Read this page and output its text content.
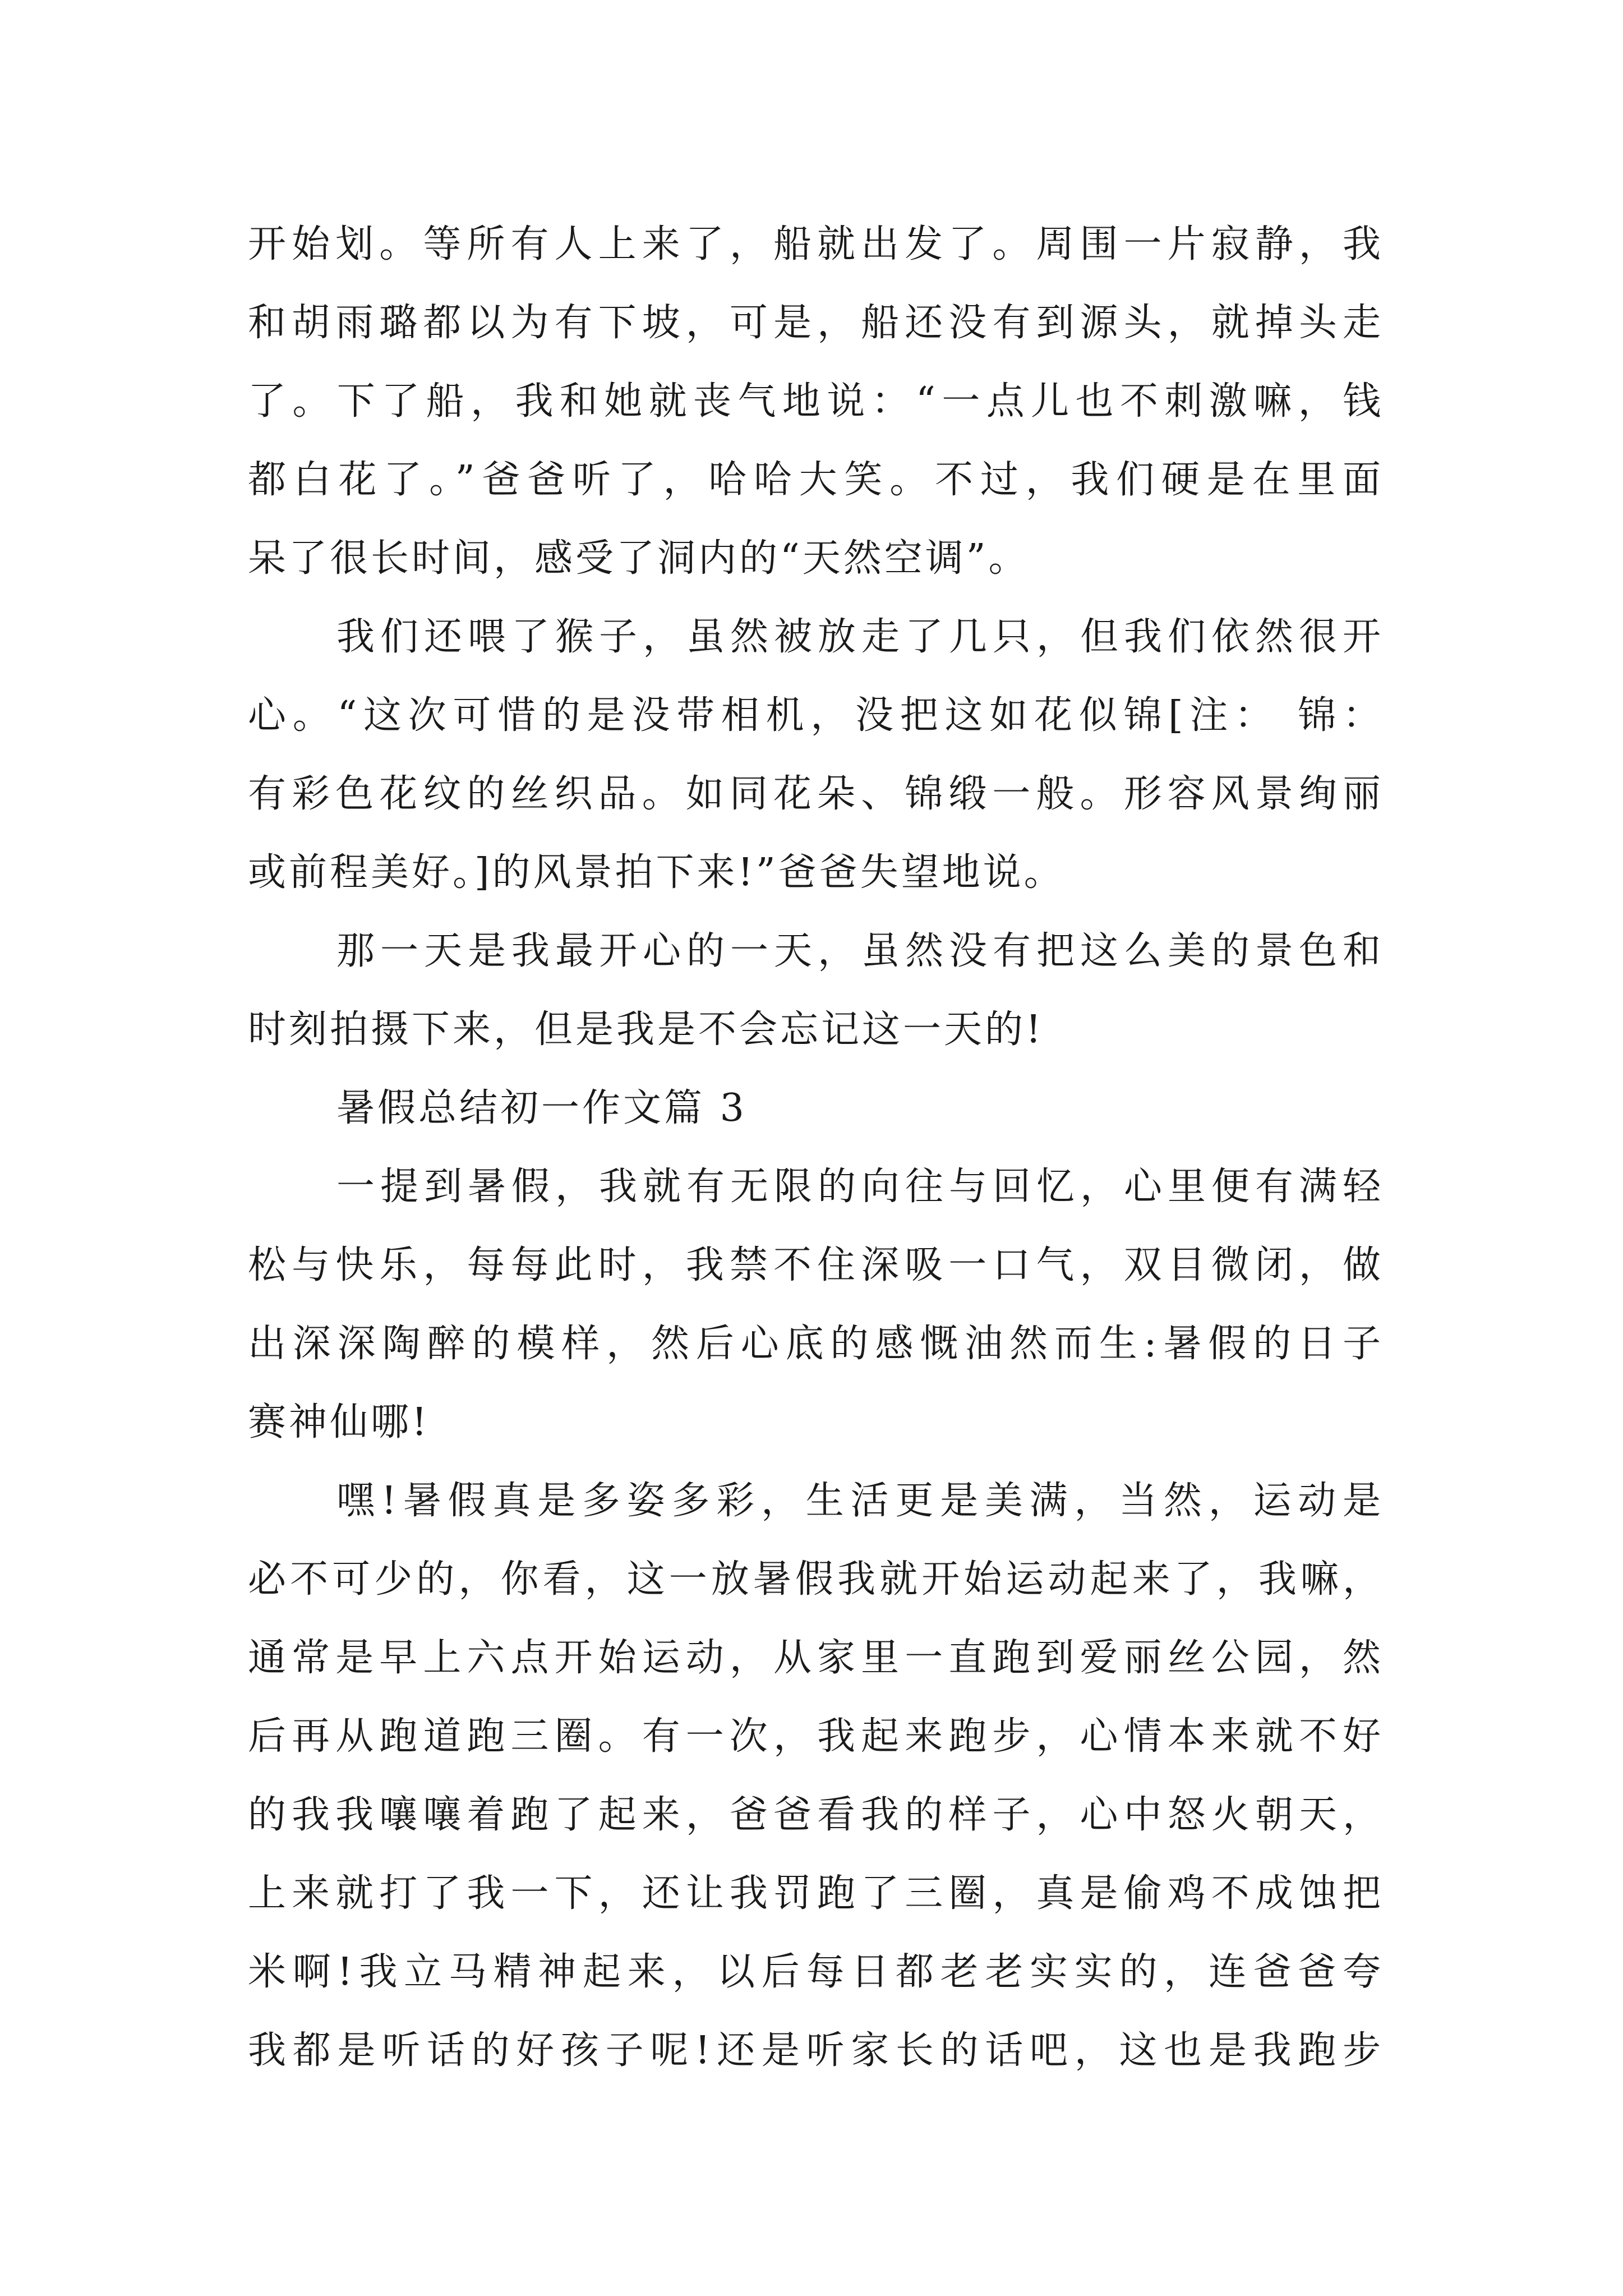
开始划。等所有人上来了，船就出发了。周围一片寂静，我
和胡雨璐都以为有下坡，可是，船还没有到源头，就掉头走
了。下了船，我和她就丧气地说：“一点儿也不刺激嘛，钱
都白花了。”爸爸听了，哈哈大笑。不过，我们硬是在里面
呆了很长时间，感受了洞内的“天然空调”。
我们还喂了猴子，虽然被放走了几只，但我们依然很开
心。“这次可惜的是没带相机，没把这如花似锦[注： 锦：
有彩色花纹的丝织品。如同花朵、锦缎一般。形容风景绚丽
或前程美好。]的风景拍下来!”爸爸失望地说。
那一天是我最开心的一天，虽然没有把这么美的景色和
时刻拍摄下来，但是我是不会忘记这一天的!
暑假总结初一作文篇 3
一提到暑假，我就有无限的向往与回忆，心里便有满轻
松与快乐，每每此时，我禁不住深吸一口气，双目微闭，做
出深深陶醉的模样，然后心底的感慨油然而生:暑假的日子
赛神仙哪!
嘿!暑假真是多姿多彩，生活更是美满，当然，运动是
必不可少的，你看，这一放暑假我就开始运动起来了，我嘛，
通常是早上六点开始运动，从家里一直跑到爱丽丝公园，然
后再从跑道跑三圈。有一次，我起来跑步，心情本来就不好
的我我嚷嚷着跑了起来，爸爸看我的样子，心中怒火朝天，
上来就打了我一下，还让我罚跑了三圈，真是偷鸡不成蚀把
米啊!我立马精神起来，以后每日都老老实实的，连爸爸夸
我都是听话的好孩子呢!还是听家长的话吧，这也是我跑步
